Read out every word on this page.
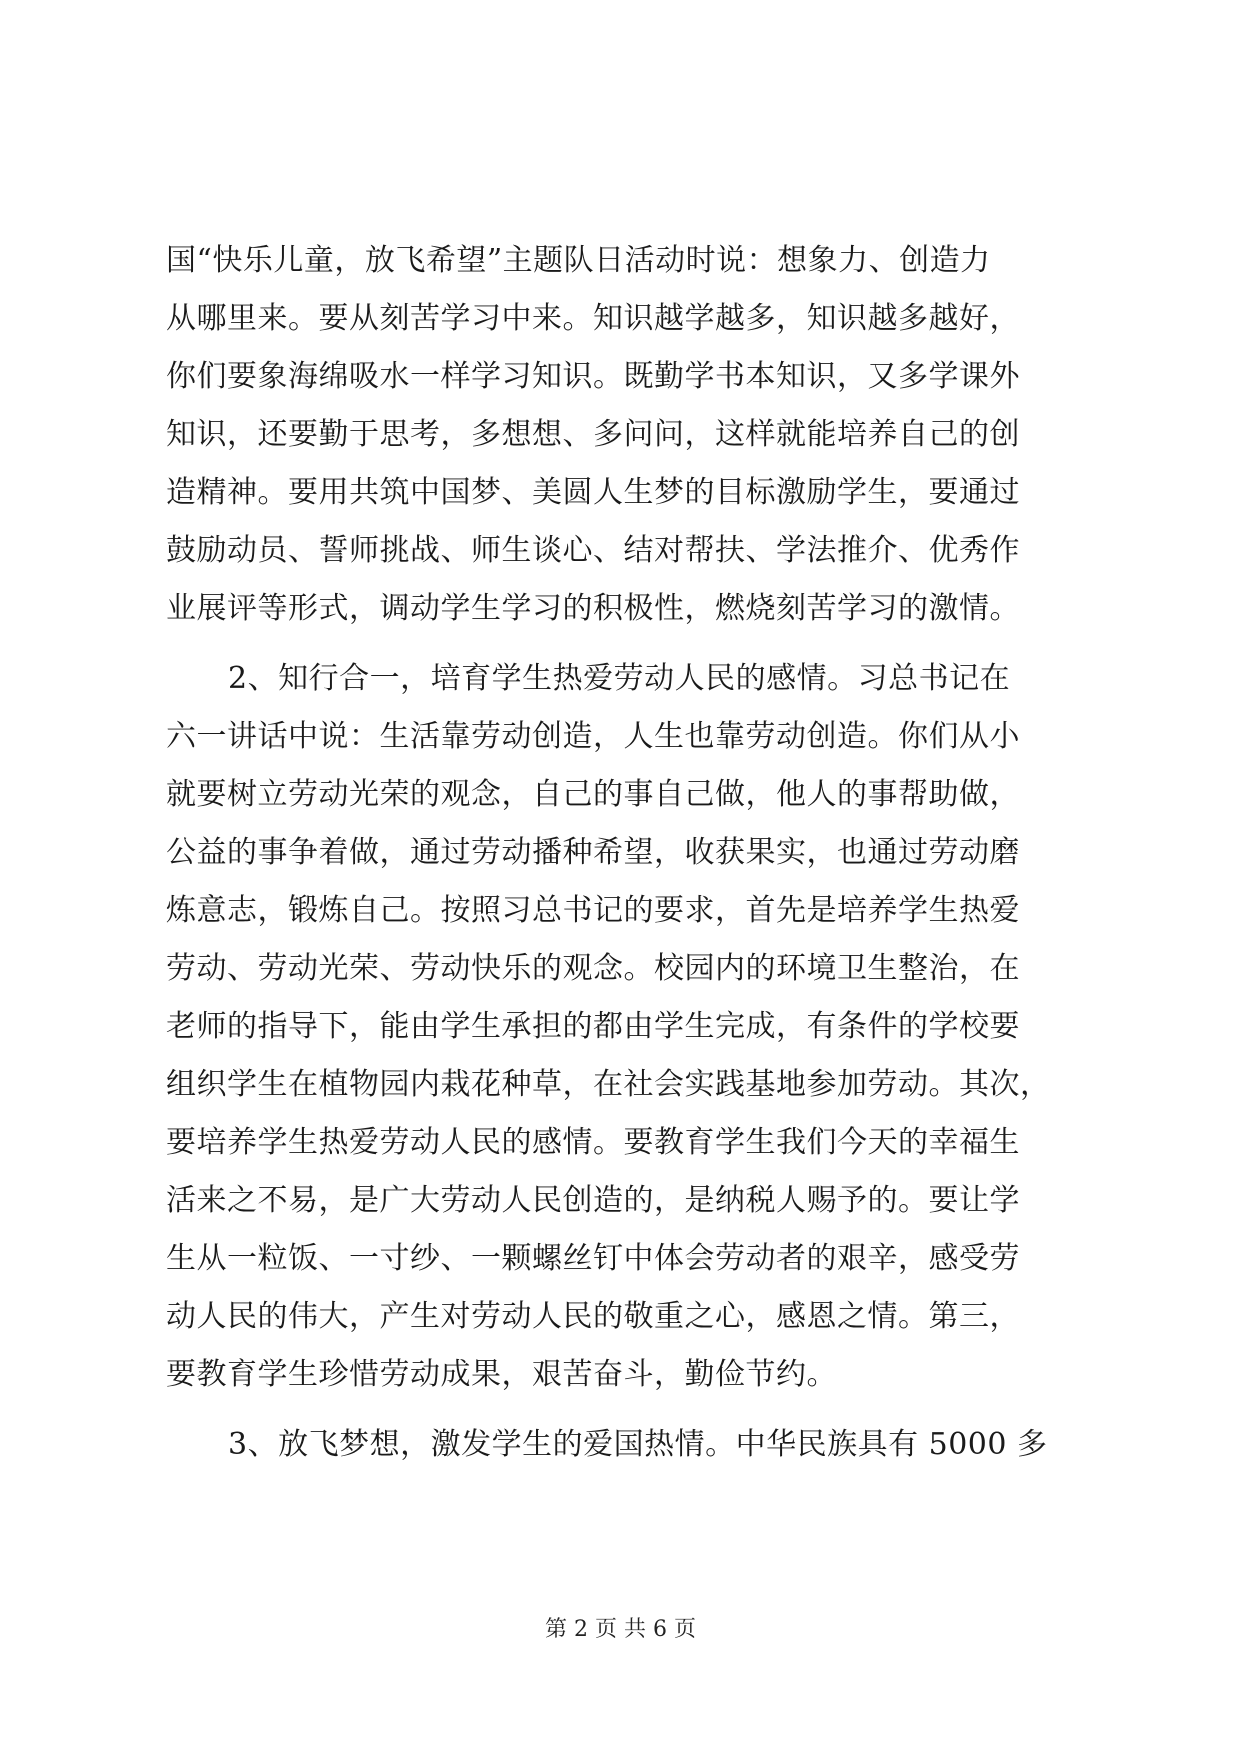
国“快乐儿童，放飞希望”主题队日活动时说：想象力、创造力
从哪里来。要从刻苦学习中来。知识越学越多，知识越多越好，
你们要象海绵吸水一样学习知识。既勤学书本知识，又多学课外
知识，还要勤于思考，多想想、多问问，这样就能培养自己的创
造精神。要用共筑中国梦、美圆人生梦的目标激励学生，要通过
鼓励动员、誓师挑战、师生谈心、结对帮扶、学法推介、优秀作
业展评等形式，调动学生学习的积极性，燃烧刻苦学习的激情。
2、知行合一，培育学生热爱劳动人民的感情。习总书记在
六一讲话中说：生活靠劳动创造，人生也靠劳动创造。你们从小
就要树立劳动光荣的观念，自己的事自己做，他人的事帮助做，
公益的事争着做，通过劳动播种希望，收获果实，也通过劳动磨
炼意志，锻炼自己。按照习总书记的要求，首先是培养学生热爱
劳动、劳动光荣、劳动快乐的观念。校园内的环境卫生整治，在
老师的指导下，能由学生承担的都由学生完成，有条件的学校要
组织学生在植物园内栽花种草，在社会实践基地参加劳动。其次，
要培养学生热爱劳动人民的感情。要教育学生我们今天的幸福生
活来之不易，是广大劳动人民创造的，是纳税人赐予的。要让学
生从一粒饭、一寸纱、一颗螺丝钉中体会劳动者的艰辛，感受劳
动人民的伟大，产生对劳动人民的敬重之心，感恩之情。第三，
要教育学生珍惜劳动成果，艰苦奋斗，勤俭节约。
3、放飞梦想，激发学生的爱国热情。中华民族具有 5000 多
第 2 页 共 6 页
